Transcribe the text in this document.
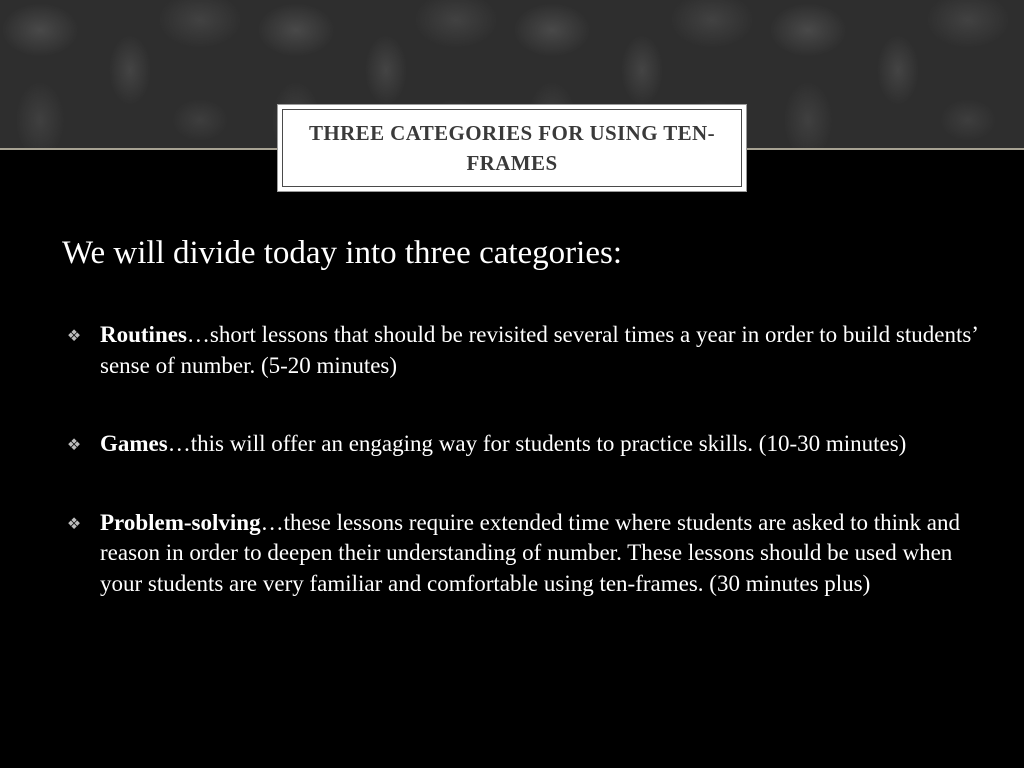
THREE CATEGORIES FOR USING TEN-FRAMES

We will divide today into three categories:

❖ Routines…short lessons that should be revisited several times a year in order to build students’ sense of number. (5-20 minutes)
❖ Games…this will offer an engaging way for students to practice skills. (10-30 minutes)
❖ Problem-solving…these lessons require extended time where students are asked to think and reason in order to deepen their understanding of number. These lessons should be used when your students are very familiar and comfortable using ten-frames. (30 minutes plus)
